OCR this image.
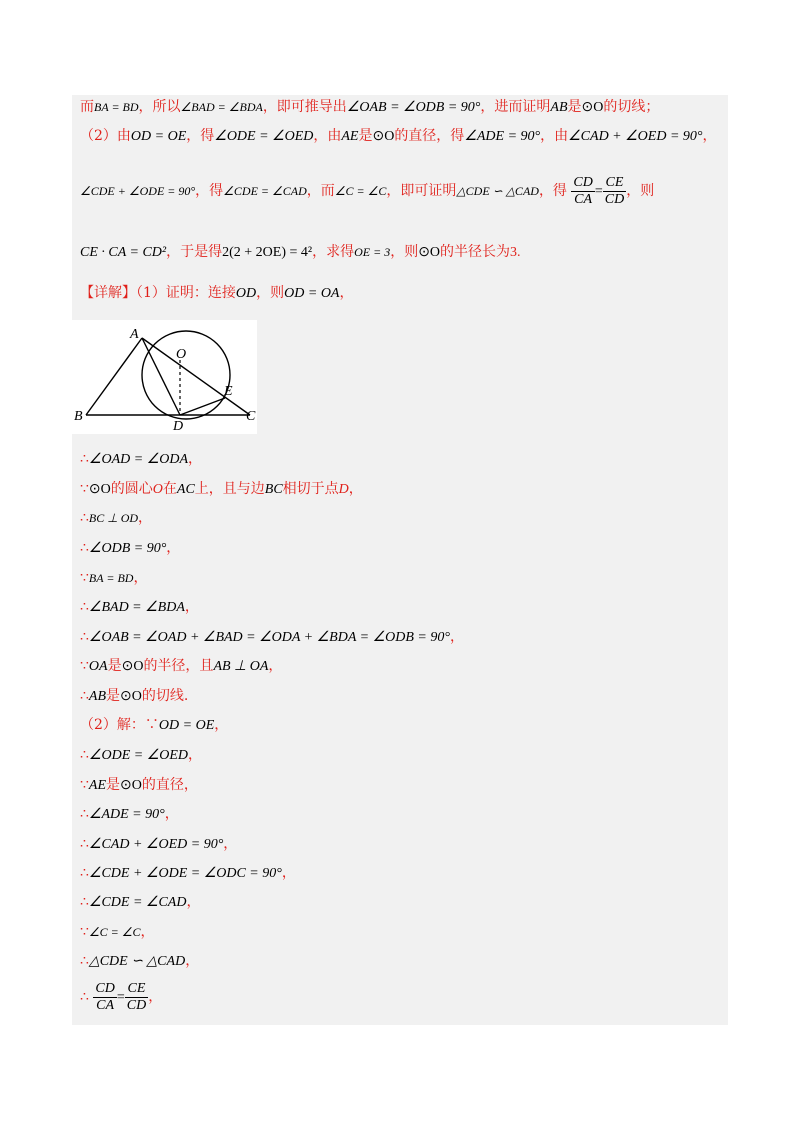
而BA = BD，所以∠BAD = ∠BDA，即可推导出∠OAB = ∠ODB = 90°，进而证明AB是⊙O的切线；
（2）由OD = OE，得∠ODE = ∠OED，由AE是⊙O的直径，得∠ADE = 90°，由∠CAD + ∠OED = 90°，
∠CDE + ∠ODE = 90°，得∠CDE = ∠CAD，而∠C = ∠C，即可证明△CDE ∽ △CAD，得 $\frac{CD}{CA} = \frac{CE}{CD}$ ，则
CE · CA = CD²，于是得2(2 + 2OE) = 4²，求得OE = 3，则⊙O的半径长为3.
【详解】（1）证明：连接OD，则OD = OA，
A
O
E
B
D
C
∴∠OAD = ∠ODA，
∵⊙O的圆心O在AC上，且与边BC相切于点D，
∴BC ⊥ OD，
∴∠ODB = 90°，
∵BA = BD，
∴∠BAD = ∠BDA，
∴∠OAB = ∠OAD + ∠BAD = ∠ODA + ∠BDA = ∠ODB = 90°，
∵OA是⊙O的半径，且AB ⊥ OA，
∴AB是⊙O的切线.
（2）解：∵OD = OE，
∴∠ODE = ∠OED，
∵AE是⊙O的直径，
∴∠ADE = 90°，
∴∠CAD + ∠OED = 90°，
∴∠CDE + ∠ODE = ∠ODC = 90°，
∴∠CDE = ∠CAD，
∵∠C = ∠C，
∴△CDE ∽ △CAD，
∴ $\frac{CD}{CA} = \frac{CE}{CD}$ ，
